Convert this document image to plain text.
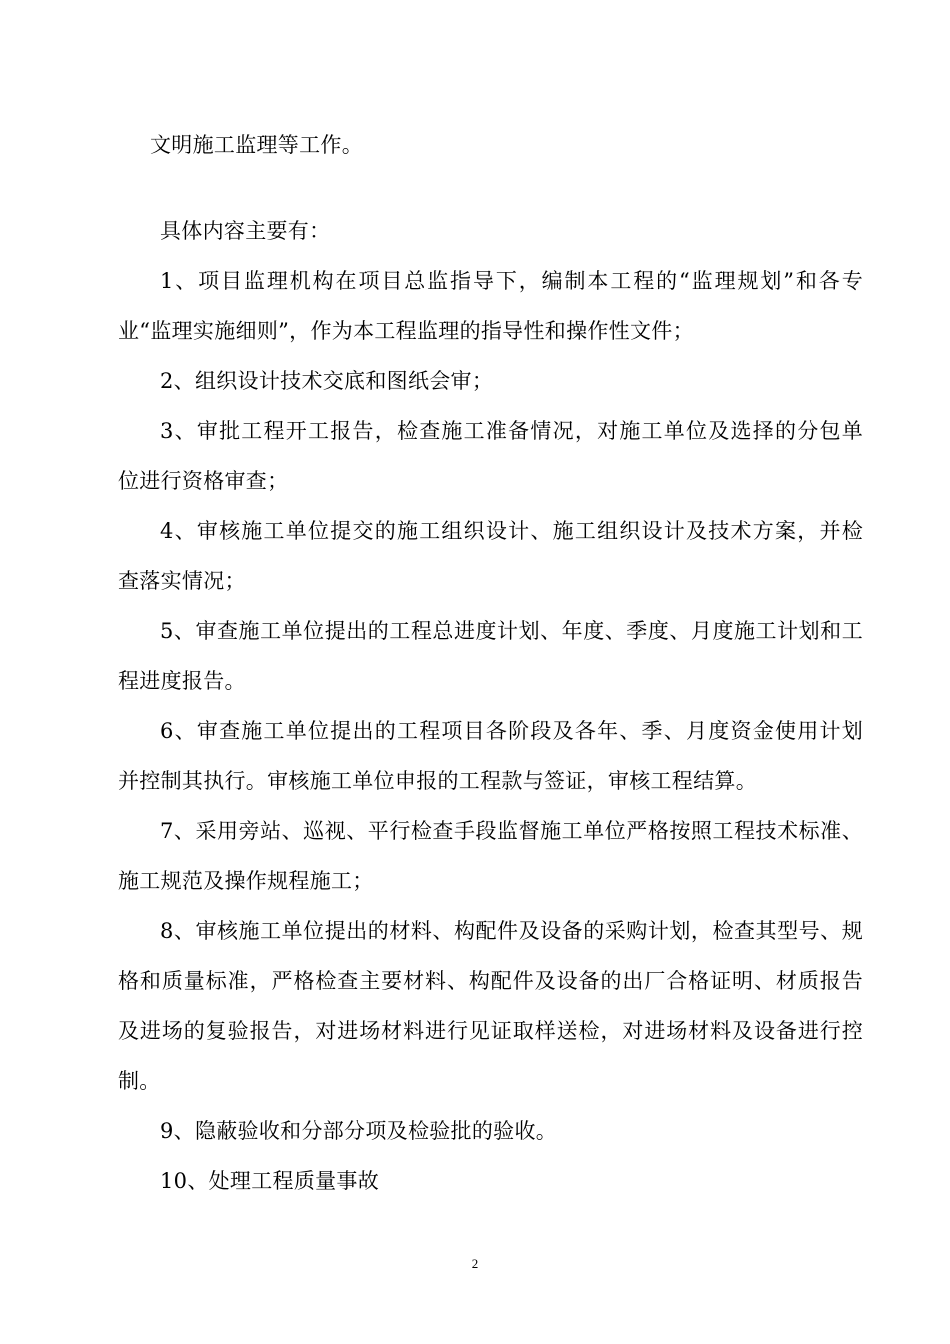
文明施工监理等工作。
具体内容主要有：
1、项目监理机构在项目总监指导下，编制本工程的“监理规划”和各专
业“监理实施细则”，作为本工程监理的指导性和操作性文件；
2、组织设计技术交底和图纸会审；
3、审批工程开工报告，检查施工准备情况，对施工单位及选择的分包单
位进行资格审查；
4、审核施工单位提交的施工组织设计、施工组织设计及技术方案，并检
查落实情况；
5、审查施工单位提出的工程总进度计划、年度、季度、月度施工计划和工
程进度报告。
6、审查施工单位提出的工程项目各阶段及各年、季、月度资金使用计划
并控制其执行。审核施工单位申报的工程款与签证，审核工程结算。
7、采用旁站、巡视、平行检查手段监督施工单位严格按照工程技术标准、
施工规范及操作规程施工；
8、审核施工单位提出的材料、构配件及设备的采购计划，检查其型号、规
格和质量标准，严格检查主要材料、构配件及设备的出厂合格证明、材质报告
及进场的复验报告，对进场材料进行见证取样送检，对进场材料及设备进行控
制。
9、隐蔽验收和分部分项及检验批的验收。
10、处理工程质量事故
2
